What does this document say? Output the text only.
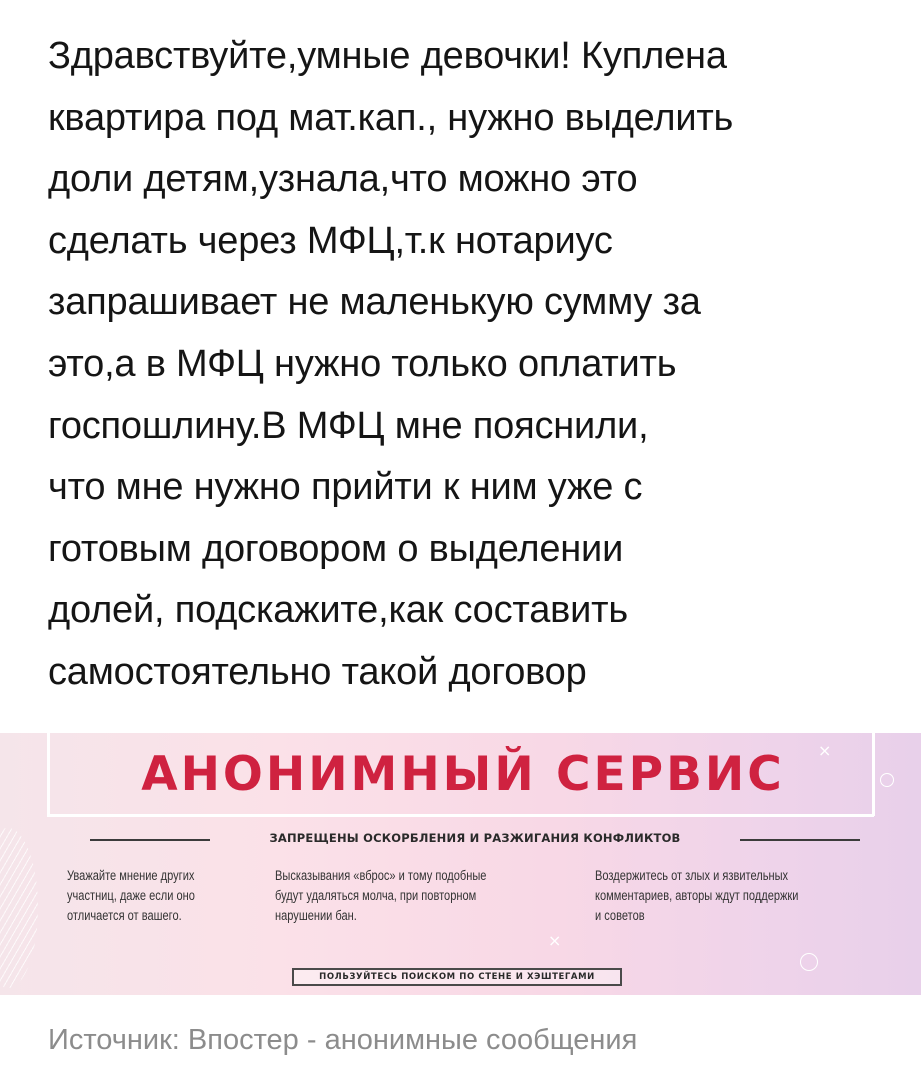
Здравствуйте,умные девочки! Куплена
квартира под мат.кап., нужно выделить
доли детям,узнала,что можно это
сделать через МФЦ,т.к нотариус
запрашивает не маленькую сумму за
это,а в МФЦ нужно только оплатить
госпошлину.В МФЦ мне пояснили,
что мне нужно прийти к ним уже с
готовым договором о выделении
долей, подскажите,как составить
самостоятельно такой договор
×
×
АНОНИМНЫЙ СЕРВИС
ЗАПРЕЩЕНЫ ОСКОРБЛЕНИЯ И РАЗЖИГАНИЯ КОНФЛИКТОВ
Уважайте мнение других
участниц, даже если оно
отличается от вашего.
Высказывания «вброс» и тому подобные
будут удаляться молча, при повторном
нарушении бан.
Воздержитесь от злых и язвительных
комментариев, авторы ждут поддержки
и советов
ПОЛЬЗУЙТЕСЬ ПОИСКОМ ПО СТЕНЕ И ХЭШТЕГАМИ
Источник: Впостер - анонимные сообщения
